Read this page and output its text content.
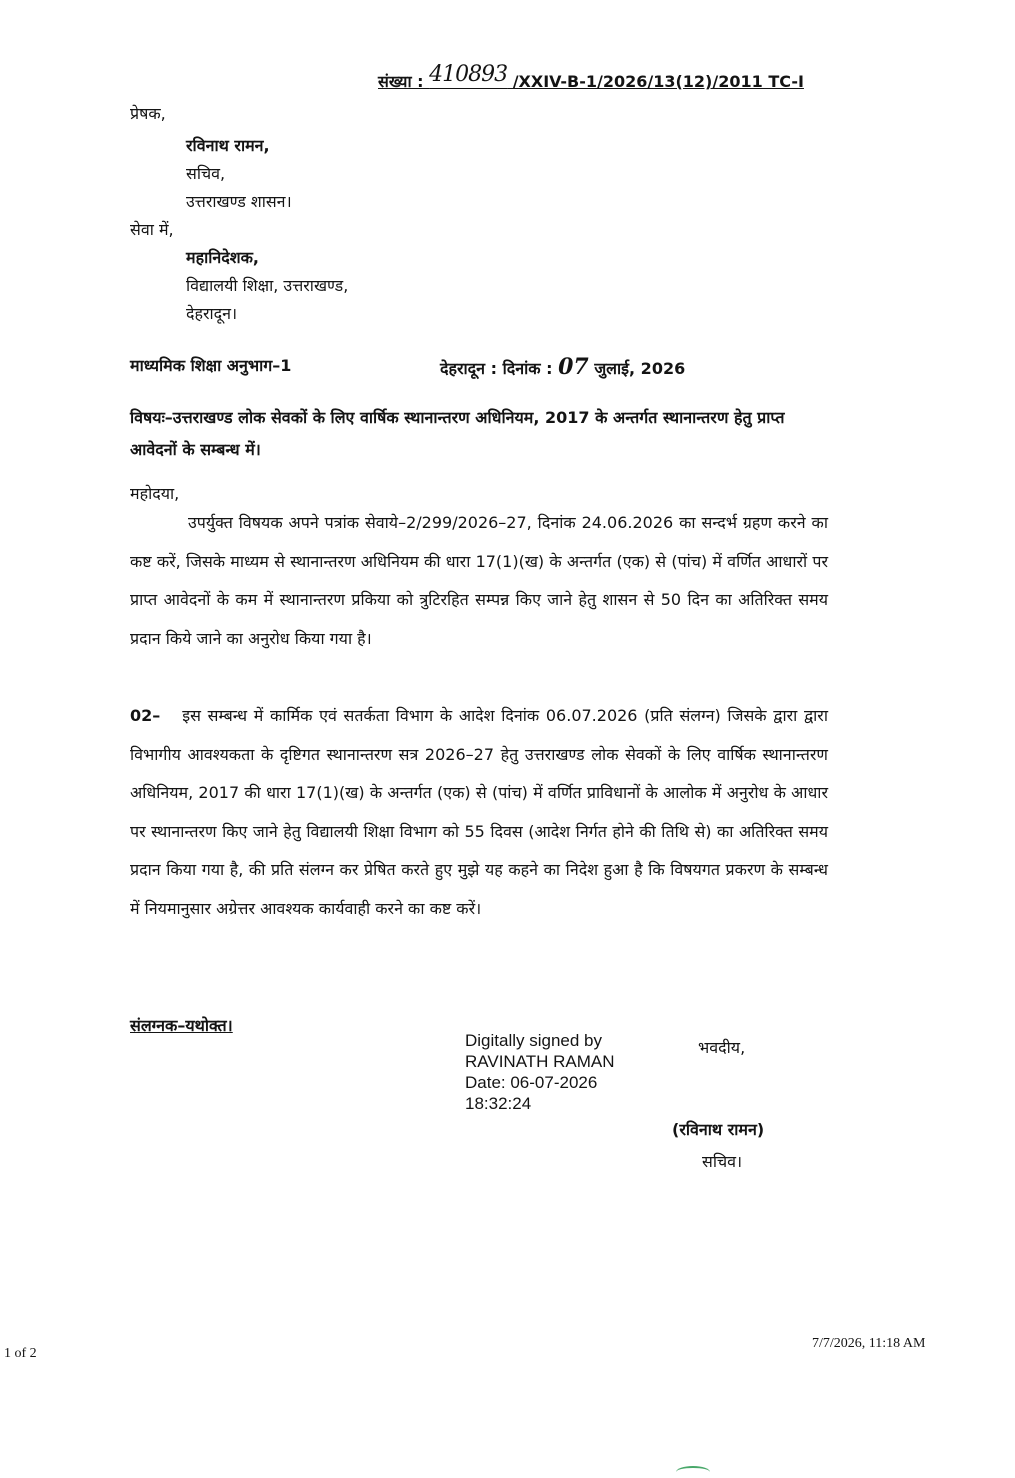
संख्या : 410893 /XXIV-B-1/2026/13(12)/2011 TC-I
प्रेषक,
रविनाथ रामन,
सचिव,
उत्तराखण्ड शासन।
सेवा में,
महानिदेशक,
विद्यालयी शिक्षा, उत्तराखण्ड,
देहरादून।
माध्यमिक शिक्षा अनुभाग–1	देहरादून : दिनांक : 07 जुलाई, 2026
विषयः–उत्तराखण्ड लोक सेवकों के लिए वार्षिक स्थानान्तरण अधिनियम, 2017 के अन्तर्गत स्थानान्तरण हेतु प्राप्त आवेदनों के सम्बन्ध में।
महोदया,
उपर्युक्त विषयक अपने पत्रांक सेवाये–2/299/2026–27, दिनांक 24.06.2026 का सन्दर्भ ग्रहण करने का कष्ट करें, जिसके माध्यम से स्थानान्तरण अधिनियम की धारा 17(1)(ख) के अन्तर्गत (एक) से (पांच) में वर्णित आधारों पर प्राप्त आवेदनों के कम में स्थानान्तरण प्रकिया को त्रुटिरहित सम्पन्न किए जाने हेतु शासन से 50 दिन का अतिरिक्त समय प्रदान किये जाने का अनुरोध किया गया है।
02– इस सम्बन्ध में कार्मिक एवं सतर्कता विभाग के आदेश दिनांक 06.07.2026 (प्रति संलग्न) जिसके द्वारा द्वारा विभागीय आवश्यकता के दृष्टिगत स्थानान्तरण सत्र 2026–27 हेतु उत्तराखण्ड लोक सेवकों के लिए वार्षिक स्थानान्तरण अधिनियम, 2017 की धारा 17(1)(ख) के अन्तर्गत (एक) से (पांच) में वर्णित प्राविधानों के आलोक में अनुरोध के आधार पर स्थानान्तरण किए जाने हेतु विद्यालयी शिक्षा विभाग को 55 दिवस (आदेश निर्गत होने की तिथि से) का अतिरिक्त समय प्रदान किया गया है, की प्रति संलग्न कर प्रेषित करते हुए मुझे यह कहने का निदेश हुआ है कि विषयगत प्रकरण के सम्बन्ध में नियमानुसार अग्रेत्तर आवश्यक कार्यवाही करने का कष्ट करें।
संलग्नक–यथोक्त।
Digitally signed by
RAVINATH RAMAN
Date: 06-07-2026
18:32:24
भवदीय,
(रविनाथ रामन)
सचिव।
1 of 2
7/7/2026, 11:18 AM
